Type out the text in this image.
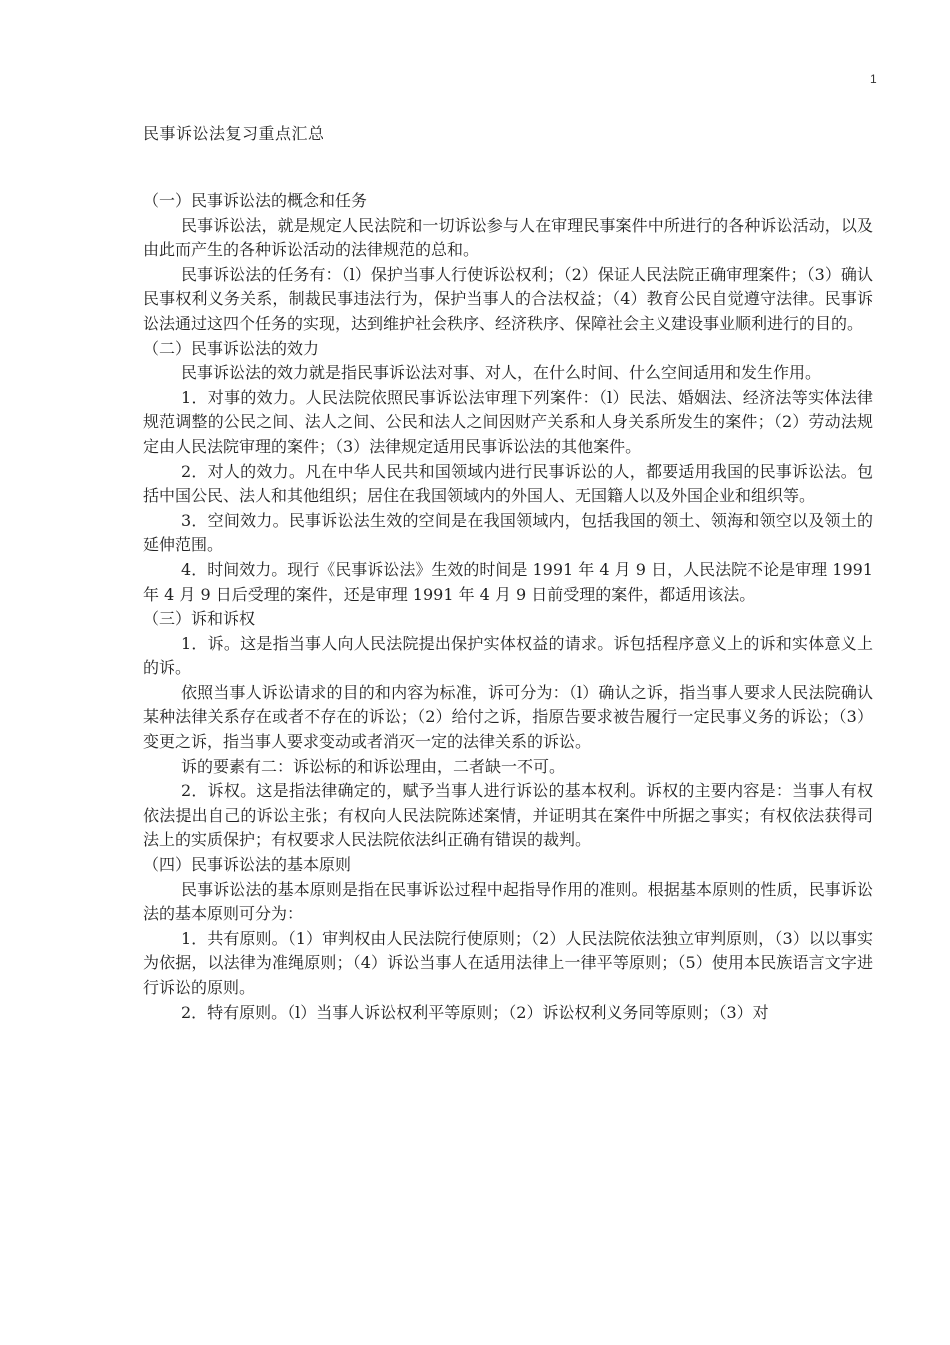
1
民事诉讼法复习重点汇总

（一）民事诉讼法的概念和任务

民事诉讼法，就是规定人民法院和一切诉讼参与人在审理民事案件中所进行的各种诉讼活动，以及由此而产生的各种诉讼活动的法律规范的总和。

民事诉讼法的任务有：（l）保护当事人行使诉讼权利；（2）保证人民法院正确审理案件；（3）确认民事权利义务关系，制裁民事违法行为，保护当事人的合法权益；（4）教育公民自觉遵守法律。民事诉讼法通过这四个任务的实现，达到维护社会秩序、经济秩序、保障社会主义建设事业顺利进行的目的。

（二）民事诉讼法的效力

民事诉讼法的效力就是指民事诉讼法对事、对人，在什么时间、什么空间适用和发生作用。

1．对事的效力。人民法院依照民事诉讼法审理下列案件：（l）民法、婚姻法、经济法等实体法律规范调整的公民之间、法人之间、公民和法人之间因财产关系和人身关系所发生的案件；（2）劳动法规定由人民法院审理的案件；（3）法律规定适用民事诉讼法的其他案件。

2．对人的效力。凡在中华人民共和国领域内进行民事诉讼的人，都要适用我国的民事诉讼法。包括中国公民、法人和其他组织；居住在我国领域内的外国人、无国籍人以及外国企业和组织等。

3．空间效力。民事诉讼法生效的空间是在我国领域内，包括我国的领土、领海和领空以及领土的延伸范围。

4．时间效力。现行《民事诉讼法》生效的时间是 1991 年 4 月 9 日，人民法院不论是审理 1991 年 4 月 9 日后受理的案件，还是审理 1991 年 4 月 9 日前受理的案件，都适用该法。

（三）诉和诉权

1．诉。这是指当事人向人民法院提出保护实体权益的请求。诉包括程序意义上的诉和实体意义上的诉。

依照当事人诉讼请求的目的和内容为标准，诉可分为：（l）确认之诉，指当事人要求人民法院确认某种法律关系存在或者不存在的诉讼；（2）给付之诉，指原告要求被告履行一定民事义务的诉讼；（3）变更之诉，指当事人要求变动或者消灭一定的法律关系的诉讼。

诉的要素有二：诉讼标的和诉讼理由，二者缺一不可。

2．诉权。这是指法律确定的，赋予当事人进行诉讼的基本权利。诉权的主要内容是：当事人有权依法提出自己的诉讼主张；有权向人民法院陈述案情，并证明其在案件中所据之事实；有权依法获得司法上的实质保护；有权要求人民法院依法纠正确有错误的裁判。

（四）民事诉讼法的基本原则

民事诉讼法的基本原则是指在民事诉讼过程中起指导作用的准则。根据基本原则的性质，民事诉讼法的基本原则可分为：

1．共有原则。（1）审判权由人民法院行使原则；（2）人民法院依法独立审判原则，（3）以以事实为依据，以法律为准绳原则；（4）诉讼当事人在适用法律上一律平等原则；（5）使用本民族语言文字进行诉讼的原则。

2．特有原则。（l）当事人诉讼权利平等原则；（2）诉讼权利义务同等原则；（3）对
